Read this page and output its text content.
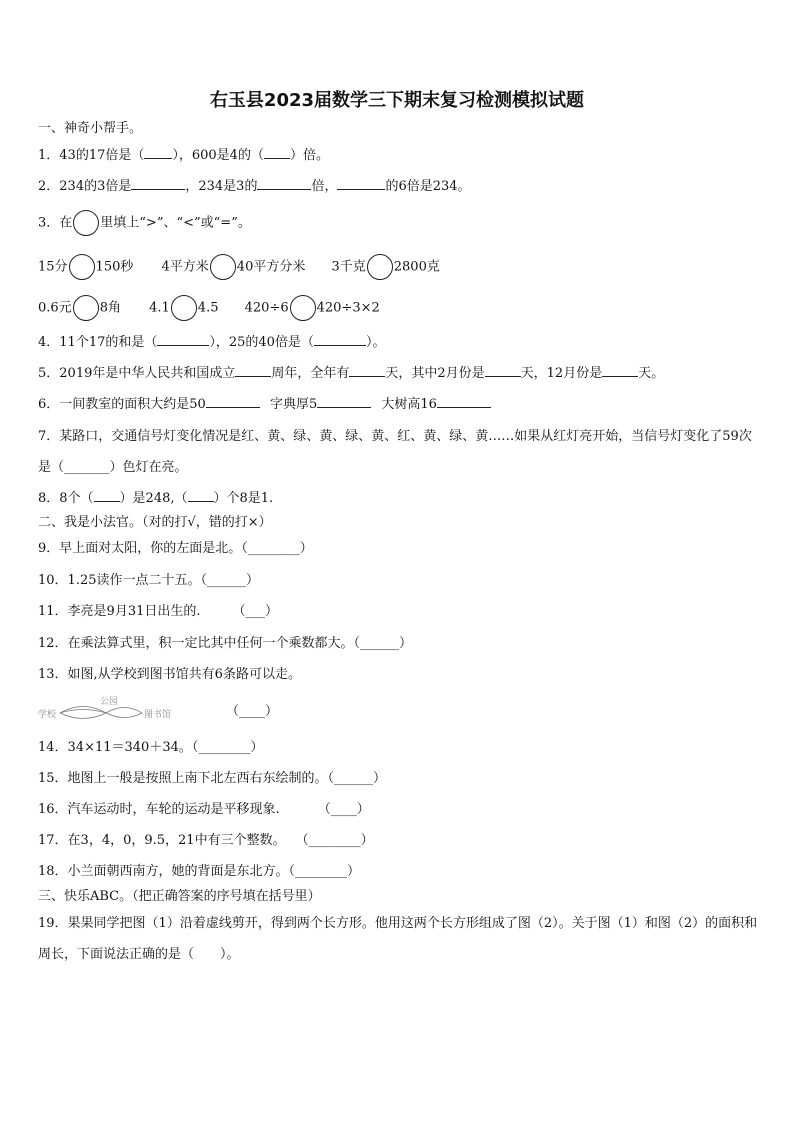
右玉县2023届数学三下期末复习检测模拟试题
一、神奇小帮手。
1．43的17倍是（ ），600是4的（ ）倍。
2．234的3倍是	，234是3的	倍，	的6倍是234。
3．在 里填上“>”、“<”或“=”。
15分 150秒 4平方米 40平方分米 3千克 2800克
0.6元 8角 4.1 4.5 420÷6 420÷3×2
4．11个17的和是（	），25的40倍是（	）。
5．2019年是中华人民共和国成立	周年，全年有	天，其中2月份是	天，12月份是	天。
6．一间教室的面积大约是50	字典厚5	大树高16
7．某路口，交通信号灯变化情况是红、黄、绿、黄、绿、黄、红、黄、绿、黄……如果从红灯亮开始，当信号灯变化了59次是（_______）色灯在亮。
8．8个（ ）是248,（ ）个8是1.
二、我是小法官。（对的打√，错的打×）
9．早上面对太阳，你的左面是北。（________）
10．1.25读作一点二十五。（______）
11．李亮是9月31日出生的. （___）
12．在乘法算式里，积一定比其中任何一个乘数都大。（______）
13．如图,从学校到图书馆共有6条路可以走。
学校
公园
图书馆	（____）
14．34×11＝340＋34。（________）
15．地图上一般是按照上南下北左西右东绘制的。（______）
16．汽车运动时，车轮的运动是平移现象.	（____）
17．在3，4，0，9.5，21中有三个整数。 （________）
18．小兰面朝西南方，她的背面是东北方。（________）
三、快乐ABC。（把正确答案的序号填在括号里）
19．果果同学把图（1）沿着虚线剪开，得到两个长方形。他用这两个长方形组成了图（2）。关于图（1）和图（2）的面积和周长，下面说法正确的是（　　）。
